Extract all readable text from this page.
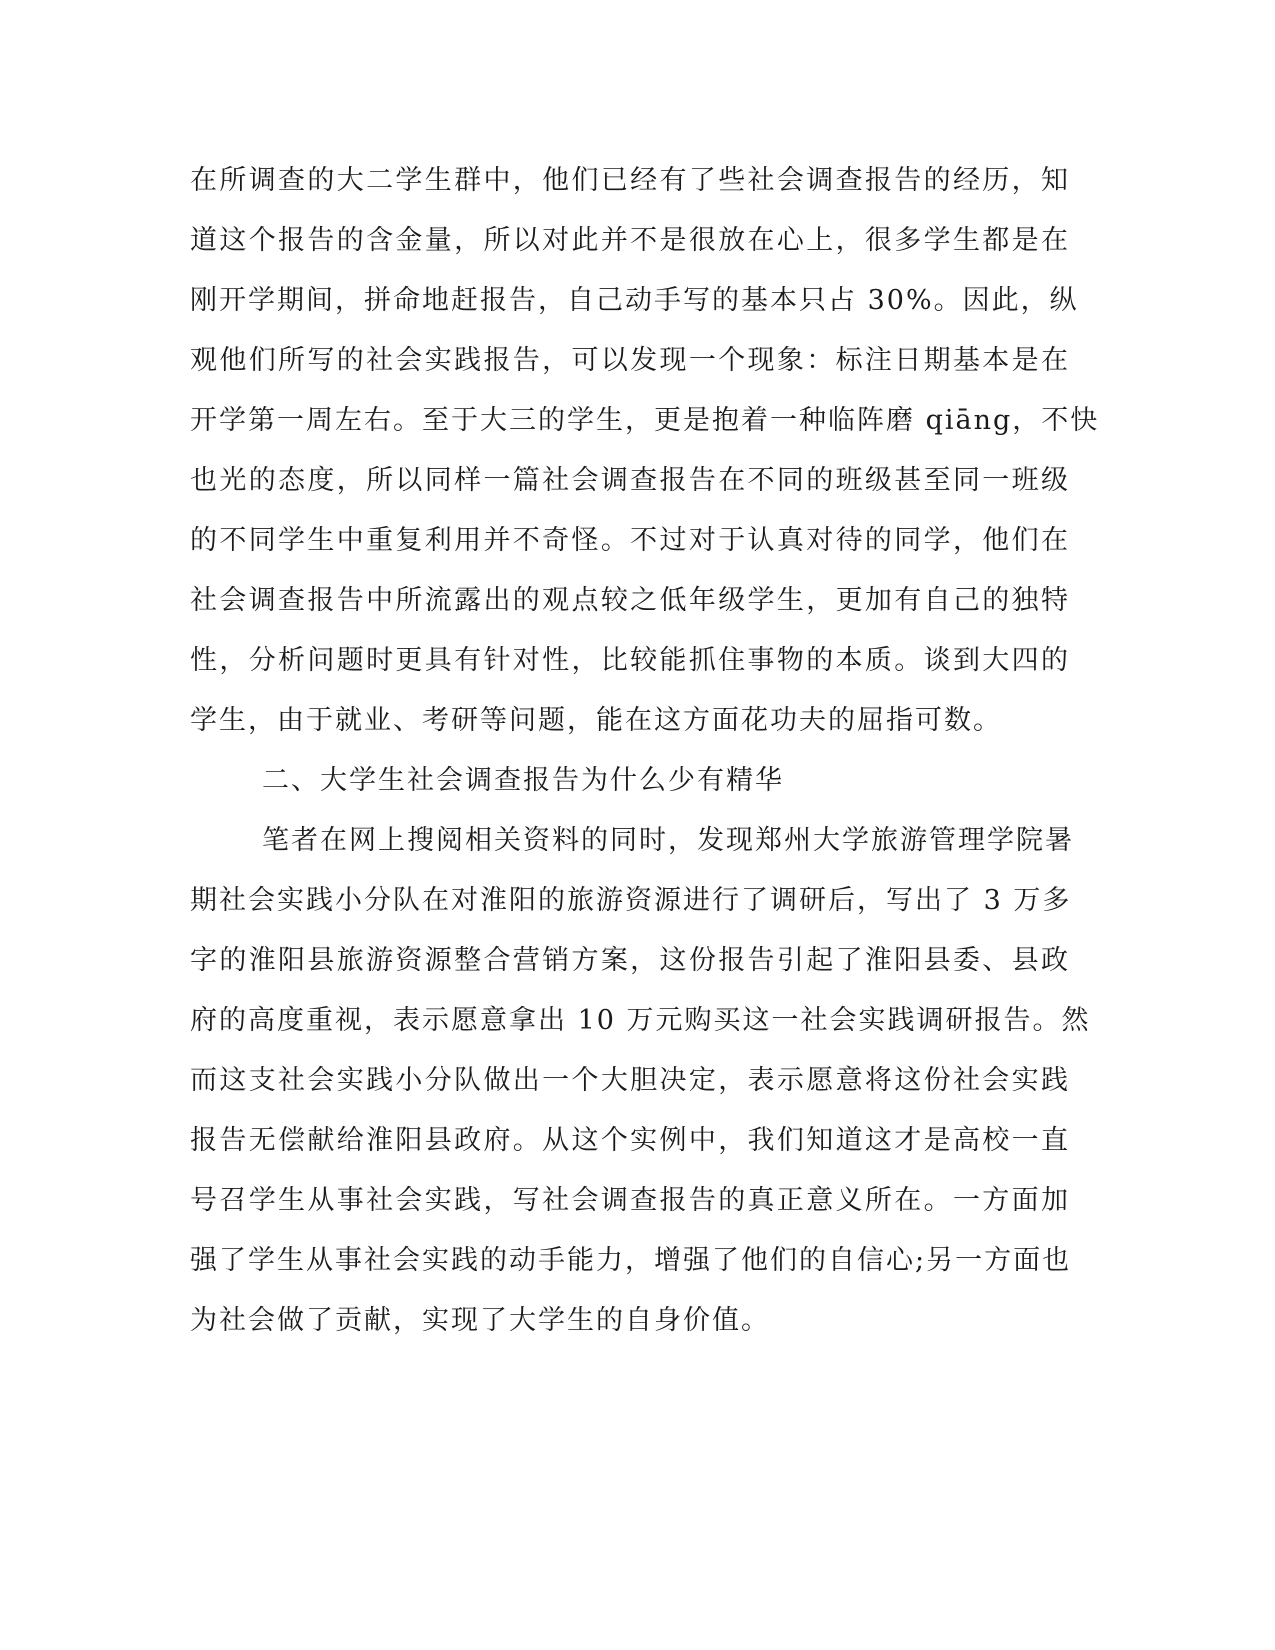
在所调查的大二学生群中，他们已经有了些社会调查报告的经历，知
道这个报告的含金量，所以对此并不是很放在心上，很多学生都是在
刚开学期间，拼命地赶报告，自己动手写的基本只占 30%。因此，纵
观他们所写的社会实践报告，可以发现一个现象：标注日期基本是在
开学第一周左右。至于大三的学生，更是抱着一种临阵磨 qiāng，不快
也光的态度，所以同样一篇社会调查报告在不同的班级甚至同一班级
的不同学生中重复利用并不奇怪。不过对于认真对待的同学，他们在
社会调查报告中所流露出的观点较之低年级学生，更加有自己的独特
性，分析问题时更具有针对性，比较能抓住事物的本质。谈到大四的
学生，由于就业、考研等问题，能在这方面花功夫的屈指可数。
二、大学生社会调查报告为什么少有精华
笔者在网上搜阅相关资料的同时，发现郑州大学旅游管理学院暑
期社会实践小分队在对淮阳的旅游资源进行了调研后，写出了 3 万多
字的淮阳县旅游资源整合营销方案，这份报告引起了淮阳县委、县政
府的高度重视，表示愿意拿出 10 万元购买这一社会实践调研报告。然
而这支社会实践小分队做出一个大胆决定，表示愿意将这份社会实践
报告无偿献给淮阳县政府。从这个实例中，我们知道这才是高校一直
号召学生从事社会实践，写社会调查报告的真正意义所在。一方面加
强了学生从事社会实践的动手能力，增强了他们的自信心;另一方面也
为社会做了贡献，实现了大学生的自身价值。
